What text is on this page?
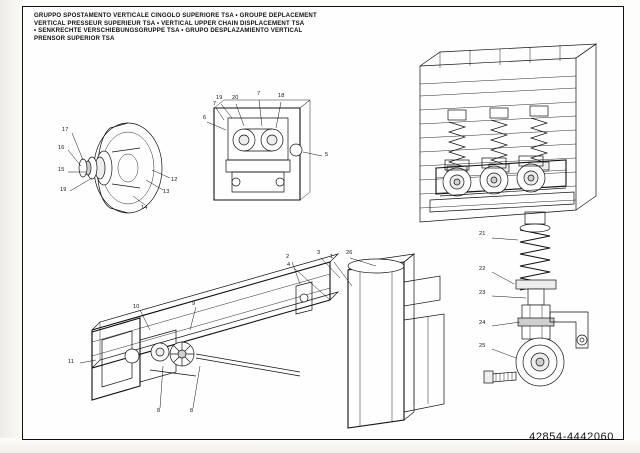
GRUPPO SPOSTAMENTO VERTICALE CINGOLO SUPERIORE TSA • GROUPE DEPLACEMENT
VERTICAL PRESSEUR SUPERIEUR TSA • VERTICAL UPPER CHAIN DISPLACEMENT TSA
• SENKRECHTE VERSCHIEBUNGSGRUPPE TSA • GRUPO DESPLAZAMIENTO VERTICAL
PRENSOR SUPERIOR TSA
17
16
15
19
14
13
12
6
7
19 20
7	18
5
21
22
23
24
25
10	9
11
8	8
2
3
1
26
4
42854-4442060
